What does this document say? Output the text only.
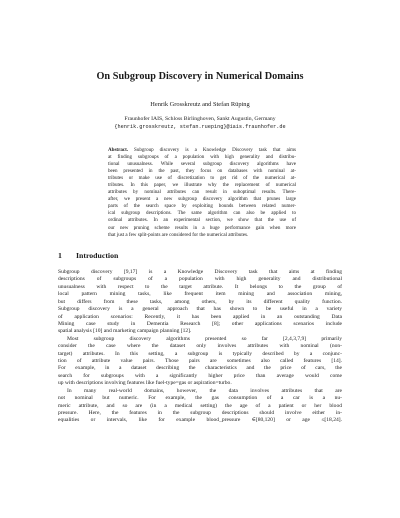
On Subgroup Discovery in Numerical Domains
Henrik Grosskreutz and Stefan Rüping
Fraunhofer IAIS, Schloss Birlinghoven, Sankt Augustin, Germany
{henrik.grosskreutz, stefan.rueping}@iais.fraunhofer.de
Abstract. Subgroup discovery is a Knowledge Discovery task that aims
at finding subgroups of a population with high generality and distribu-
tional unusualness. While several subgroup discovery algorithms have
been presented in the past, they focus on databases with nominal at-
tributes or make use of discretization to get rid of the numerical at-
tributes. In this paper, we illustrate why the replacement of numerical
attributes by nominal attributes can result in suboptimal results. There-
after, we present a new subgroup discovery algorithm that prunes large
parts of the search space by exploiting bounds between related numer-
ical subgroup descriptions. The same algorithm can also be applied to
ordinal attributes. In an experimental section, we show that the use of
our new pruning scheme results in a huge performance gain when more
that just a few split-points are considered for the numerical attributes.
1 Introduction
Subgroup discovery [9,17] is a Knowledge Discovery task that aims at finding
descriptions of subgroups of a population with high generality and distributional
unusualness with respect to the target attribute. It belongs to the group of
local pattern mining tasks, like frequent item mining and association mining,
but differs from these tasks, among others, by its different quality function.
Subgroup discovery is a general approach that has shown to be useful in a variety
of application scenarios: Recently, it has been applied in an outstanding Data
Mining case study in Dementia Research [8]; other applications scenarios include
spatial analysis [10] and marketing campaign planning [12].
Most subgroup discovery algorithms presented so far [2,4,3,7,9] primarily
consider the case where the dataset only involves attributes with nominal (non-
target) attributes. In this setting, a subgroup is typically described by a conjunc-
tion of attribute value pairs. Those pairs are sometimes also called features [14].
For example, in a dataset describing the characteristics and the price of cars, the
search for subgroups with a significantly higher price than average would come
up with descriptions involving features like fuel-type=gas or aspiration=turbo.
In many real-world domains, however, the data involves attributes that are
not nominal but numeric. For example, the gas consumption of a car is a nu-
meric attribute, and so are (in a medical setting) the age of a patient or her blood
pressure. Here, the features in the subgroup descriptions should involve either in-
equalities or intervals, like for example blood_pressure ∈[80,120] or age ≤[18,24].
